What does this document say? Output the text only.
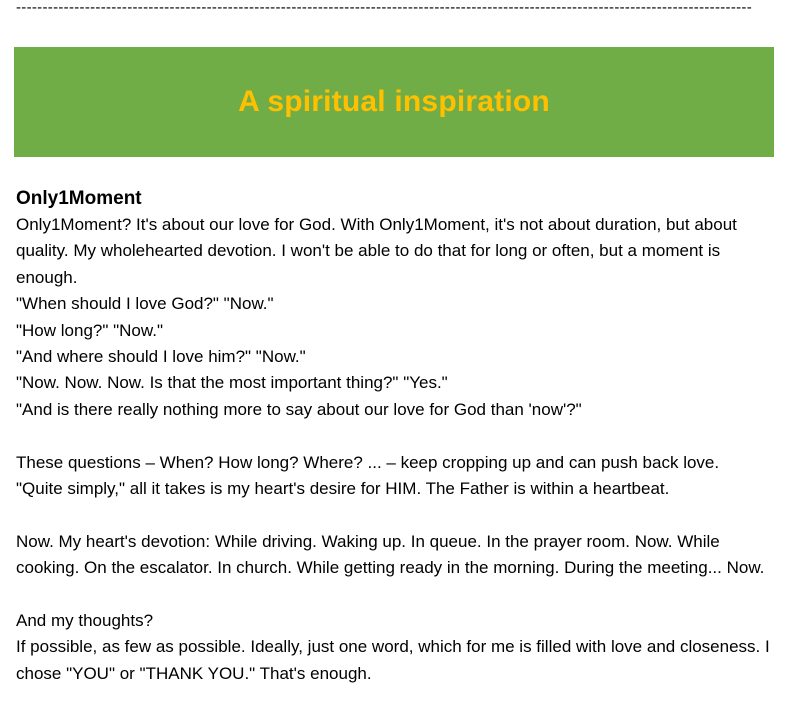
-------------------------------------------------------------------------------------------------------------------------------------------
A spiritual inspiration

Only1Moment

Only1Moment? It's about our love for God. With Only1Moment, it's not about duration, but about quality. My wholehearted devotion. I won't be able to do that for long or often, but a moment is enough.

"When should I love God?" "Now."

"How long?" "Now."

"And where should I love him?" "Now."

"Now. Now. Now. Is that the most important thing?" "Yes."

"And is there really nothing more to say about our love for God than 'now'?"

These questions – When? How long? Where? ... – keep cropping up and can push back love.

"Quite simply," all it takes is my heart's desire for HIM. The Father is within a heartbeat.

Now. My heart's devotion: While driving. Waking up. In queue. In the prayer room. Now. While cooking. On the escalator. In church. While getting ready in the morning. During the meeting... Now.

And my thoughts?

If possible, as few as possible. Ideally, just one word, which for me is filled with love and closeness. I chose "YOU" or "THANK YOU." That's enough.
